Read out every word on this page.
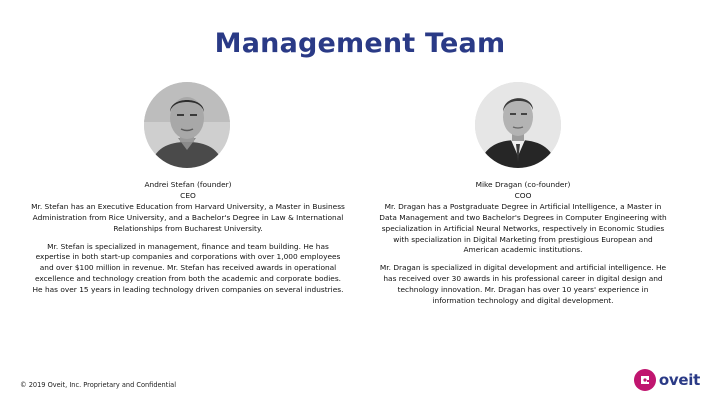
Management Team

Andrei Stefan (founder)

CEO

Mr. Stefan has an Executive Education from Harvard University, a Master in Business Administration from Rice University, and a Bachelor's Degree in Law & International Relationships from Bucharest University.

Mr. Stefan is specialized in management, finance and team building. He has expertise in both start-up companies and corporations with over 1,000 employees and over $100 million in revenue. Mr. Stefan has received awards in operational excellence and technology creation from both the academic and corporate bodies. He has over 15 years in leading technology driven companies on several industries.

Mike Dragan (co-founder)

COO

Mr. Dragan has a Postgraduate Degree in Artificial Intelligence, a Master in Data Management and two Bachelor's Degrees in Computer Engineering with specialization in Artificial Neural Networks, respectively in Economic Studies with specialization in Digital Marketing from prestigious European and American academic institutions.

Mr. Dragan is specialized in digital development and artificial intelligence. He has received over 30 awards in his professional career in digital design and technology innovation. Mr. Dragan has over 10 years' experience in information technology and digital development.

© 2019 Oveit, Inc. Proprietary and Confidential	oveit
